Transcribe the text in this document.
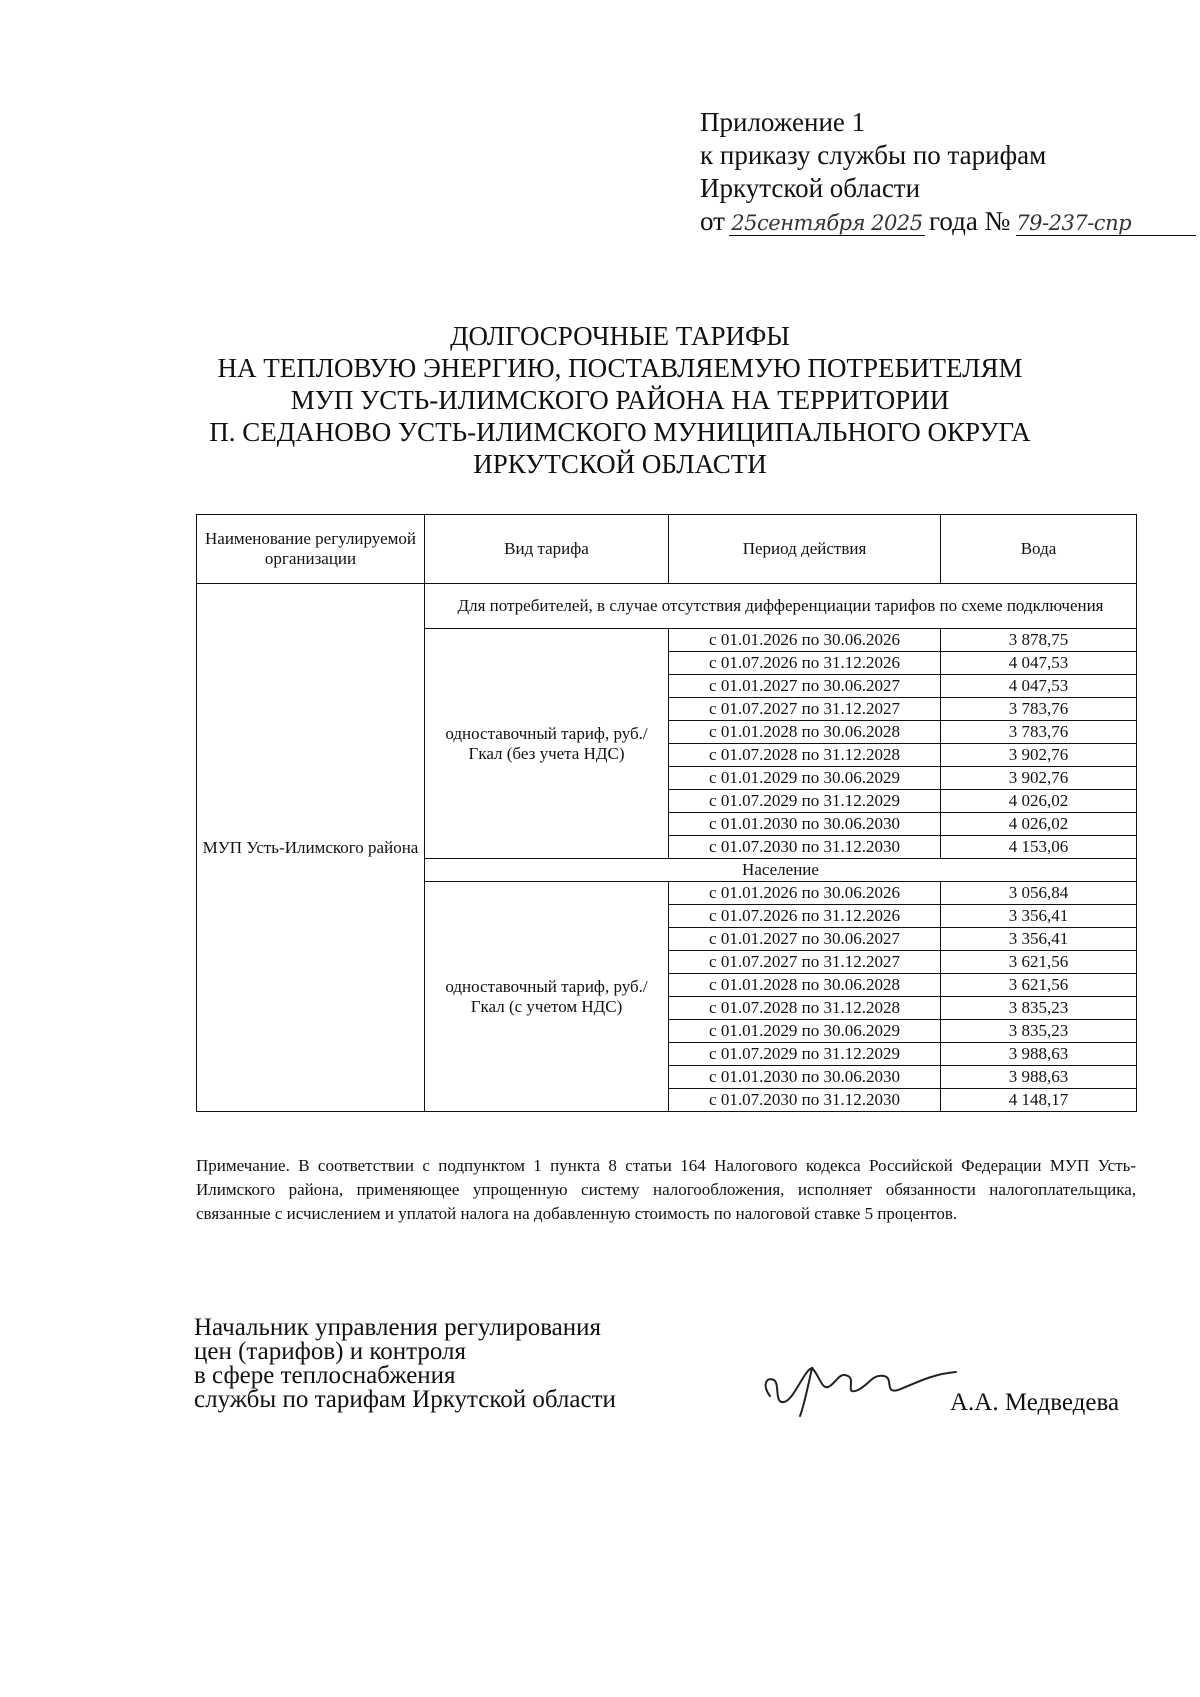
Приложение 1
к приказу службы по тарифам
Иркутской области
от 25сентября 2025 года № 79-237-спр
ДОЛГОСРОЧНЫЕ ТАРИФЫ
НА ТЕПЛОВУЮ ЭНЕРГИЮ, ПОСТАВЛЯЕМУЮ ПОТРЕБИТЕЛЯМ
МУП УСТЬ-ИЛИМСКОГО РАЙОНА НА ТЕРРИТОРИИ
П. СЕДАНОВО УСТЬ-ИЛИМСКОГО МУНИЦИПАЛЬНОГО ОКРУГА
ИРКУТСКОЙ ОБЛАСТИ
Наименование регулируемой организации	Вид тарифа	Период действия	Вода
МУП Усть-Илимского района	Для потребителей, в случае отсутствия дифференциации тарифов по схеме подключения		
	одноставочный тариф, руб./Гкал (без учета НДС)	с 01.01.2026 по 30.06.2026	3 878,75
		с 01.07.2026 по 31.12.2026	4 047,53
		с 01.01.2027 по 30.06.2027	4 047,53
		с 01.07.2027 по 31.12.2027	3 783,76
		с 01.01.2028 по 30.06.2028	3 783,76
		с 01.07.2028 по 31.12.2028	3 902,76
		с 01.01.2029 по 30.06.2029	3 902,76
		с 01.07.2029 по 31.12.2029	4 026,02
		с 01.01.2030 по 30.06.2030	4 026,02
		с 01.07.2030 по 31.12.2030	4 153,06
	Население		
	одноставочный тариф, руб./Гкал (с учетом НДС)	с 01.01.2026 по 30.06.2026	3 056,84
		с 01.07.2026 по 31.12.2026	3 356,41
		с 01.01.2027 по 30.06.2027	3 356,41
		с 01.07.2027 по 31.12.2027	3 621,56
		с 01.01.2028 по 30.06.2028	3 621,56
		с 01.07.2028 по 31.12.2028	3 835,23
		с 01.01.2029 по 30.06.2029	3 835,23
		с 01.07.2029 по 31.12.2029	3 988,63
		с 01.01.2030 по 30.06.2030	3 988,63
		с 01.07.2030 по 31.12.2030	4 148,17
Примечание. В соответствии с подпунктом 1 пункта 8 статьи 164 Налогового кодекса Российской Федерации МУП Усть-Илимского района, применяющее упрощенную систему налогообложения, исполняет обязанности налогоплательщика, связанные с исчислением и уплатой налога на добавленную стоимость по налоговой ставке 5 процентов.
Начальник управления регулирования
цен (тарифов) и контроля
в сфере теплоснабжения
службы по тарифам Иркутской области	А.А. Медведева
